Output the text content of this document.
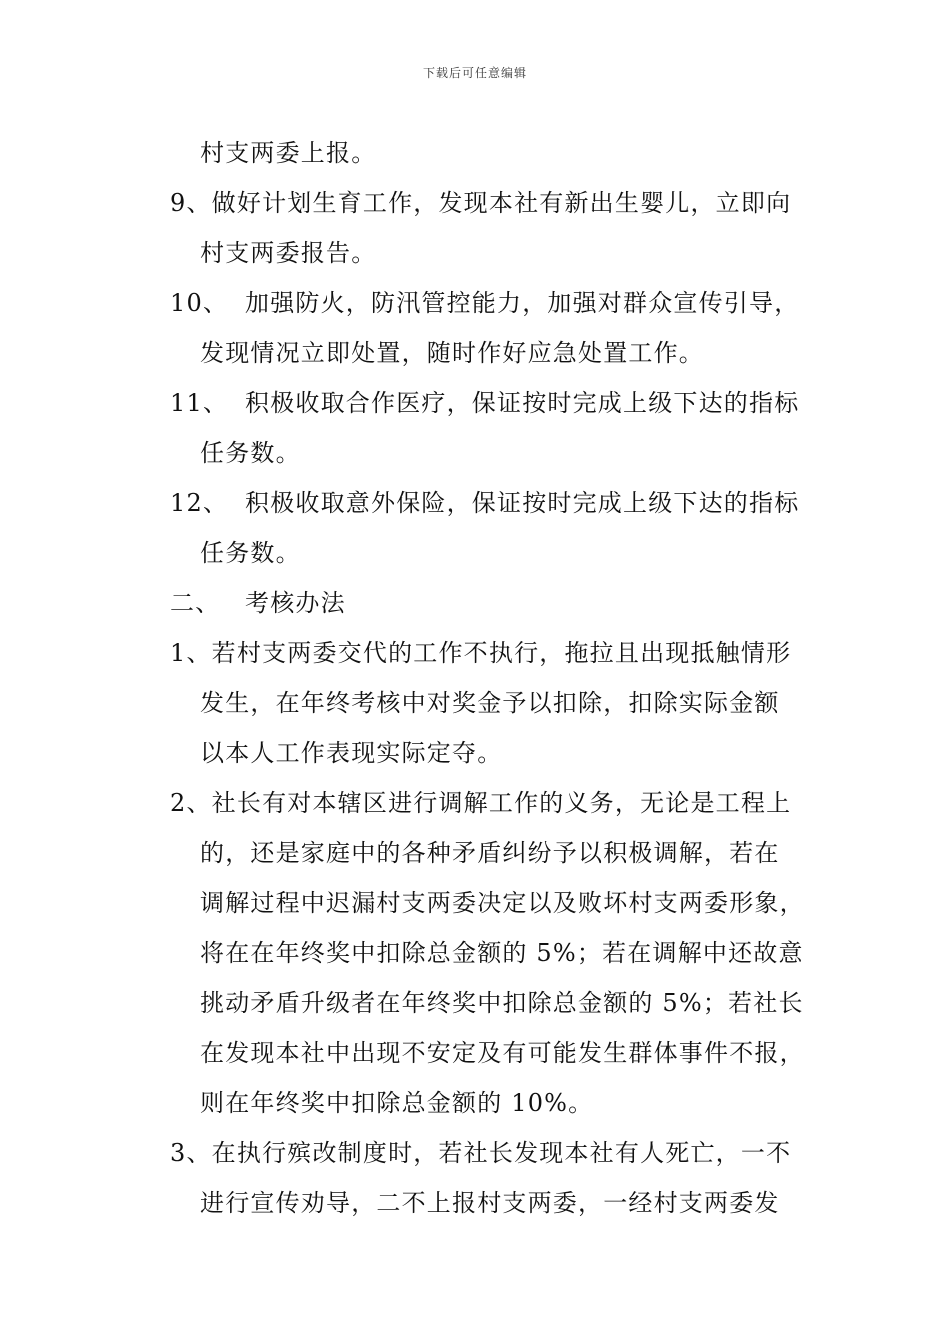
下载后可任意编辑
村支两委上报。
9、做好计划生育工作，发现本社有新出生婴儿，立即向
村支两委报告。
10、 加强防火，防汛管控能力，加强对群众宣传引导，
发现情况立即处置，随时作好应急处置工作。
11、 积极收取合作医疗，保证按时完成上级下达的指标
任务数。
12、 积极收取意外保险，保证按时完成上级下达的指标
任务数。
二、 考核办法
1、若村支两委交代的工作不执行，拖拉且出现抵触情形
发生，在年终考核中对奖金予以扣除，扣除实际金额
以本人工作表现实际定夺。
2、社长有对本辖区进行调解工作的义务，无论是工程上
的，还是家庭中的各种矛盾纠纷予以积极调解，若在
调解过程中迟漏村支两委决定以及败坏村支两委形象，
将在在年终奖中扣除总金额的 5%；若在调解中还故意
挑动矛盾升级者在年终奖中扣除总金额的 5%；若社长
在发现本社中出现不安定及有可能发生群体事件不报，
则在年终奖中扣除总金额的 10%。
3、在执行殡改制度时，若社长发现本社有人死亡，一不
进行宣传劝导，二不上报村支两委，一经村支两委发
